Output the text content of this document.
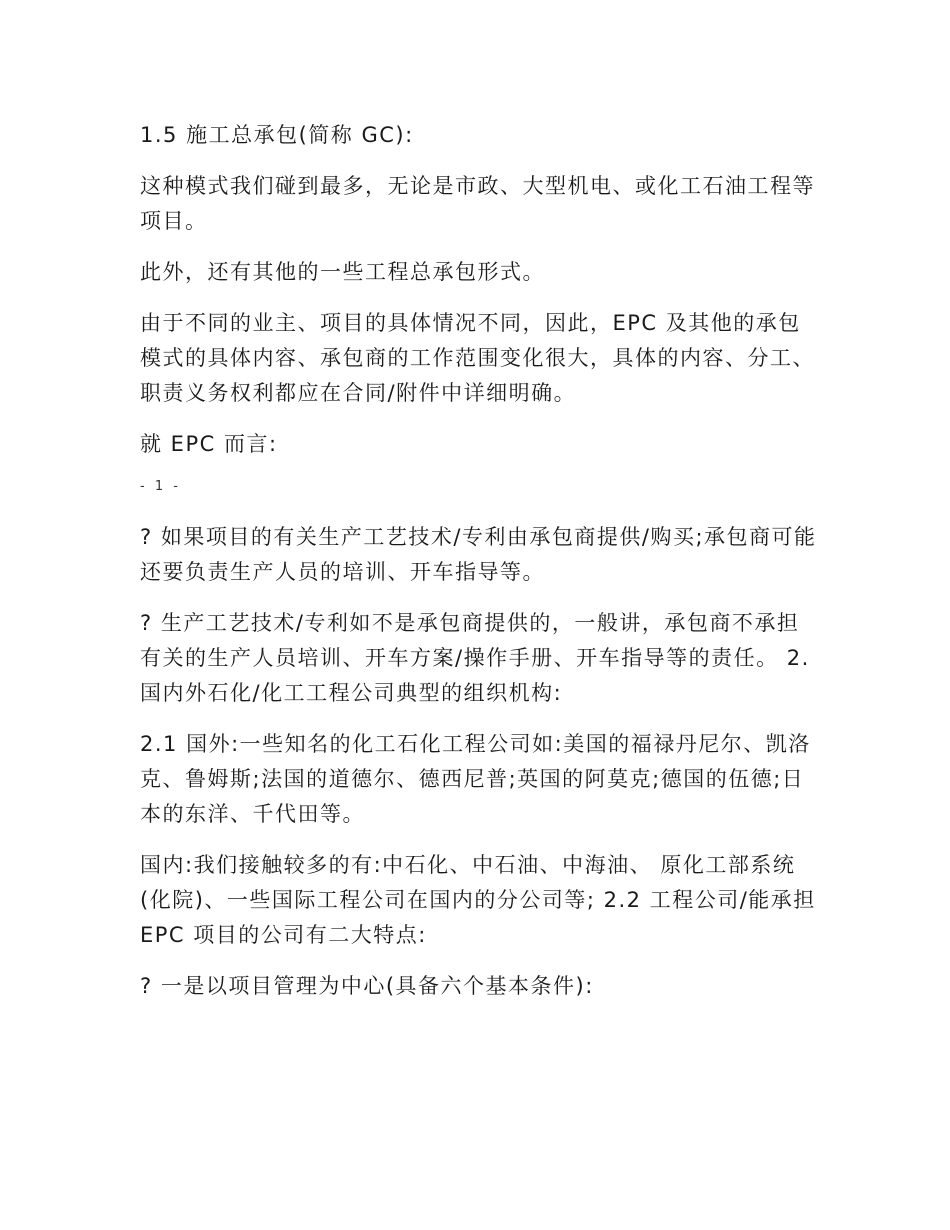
1.5 施工总承包(简称 GC):

这种模式我们碰到最多，无论是市政、大型机电、或化工石油工程等项目。

此外，还有其他的一些工程总承包形式。

由于不同的业主、项目的具体情况不同，因此，EPC 及其他的承包模式的具体内容、承包商的工作范围变化很大，具体的内容、分工、职责义务权利都应在合同/附件中详细明确。

就 EPC 而言:

- 1 -

? 如果项目的有关生产工艺技术/专利由承包商提供/购买;承包商可能还要负责生产人员的培训、开车指导等。

? 生产工艺技术/专利如不是承包商提供的，一般讲，承包商不承担有关的生产人员培训、开车方案/操作手册、开车指导等的责任。 2. 国内外石化/化工工程公司典型的组织机构:

2.1 国外:一些知名的化工石化工程公司如:美国的福禄丹尼尔、凯洛克、鲁姆斯;法国的道德尔、德西尼普;英国的阿莫克;德国的伍德;日本的东洋、千代田等。

国内:我们接触较多的有:中石化、中石油、中海油、 原化工部系统(化院)、一些国际工程公司在国内的分公司等; 2.2 工程公司/能承担 EPC 项目的公司有二大特点:

? 一是以项目管理为中心(具备六个基本条件):
